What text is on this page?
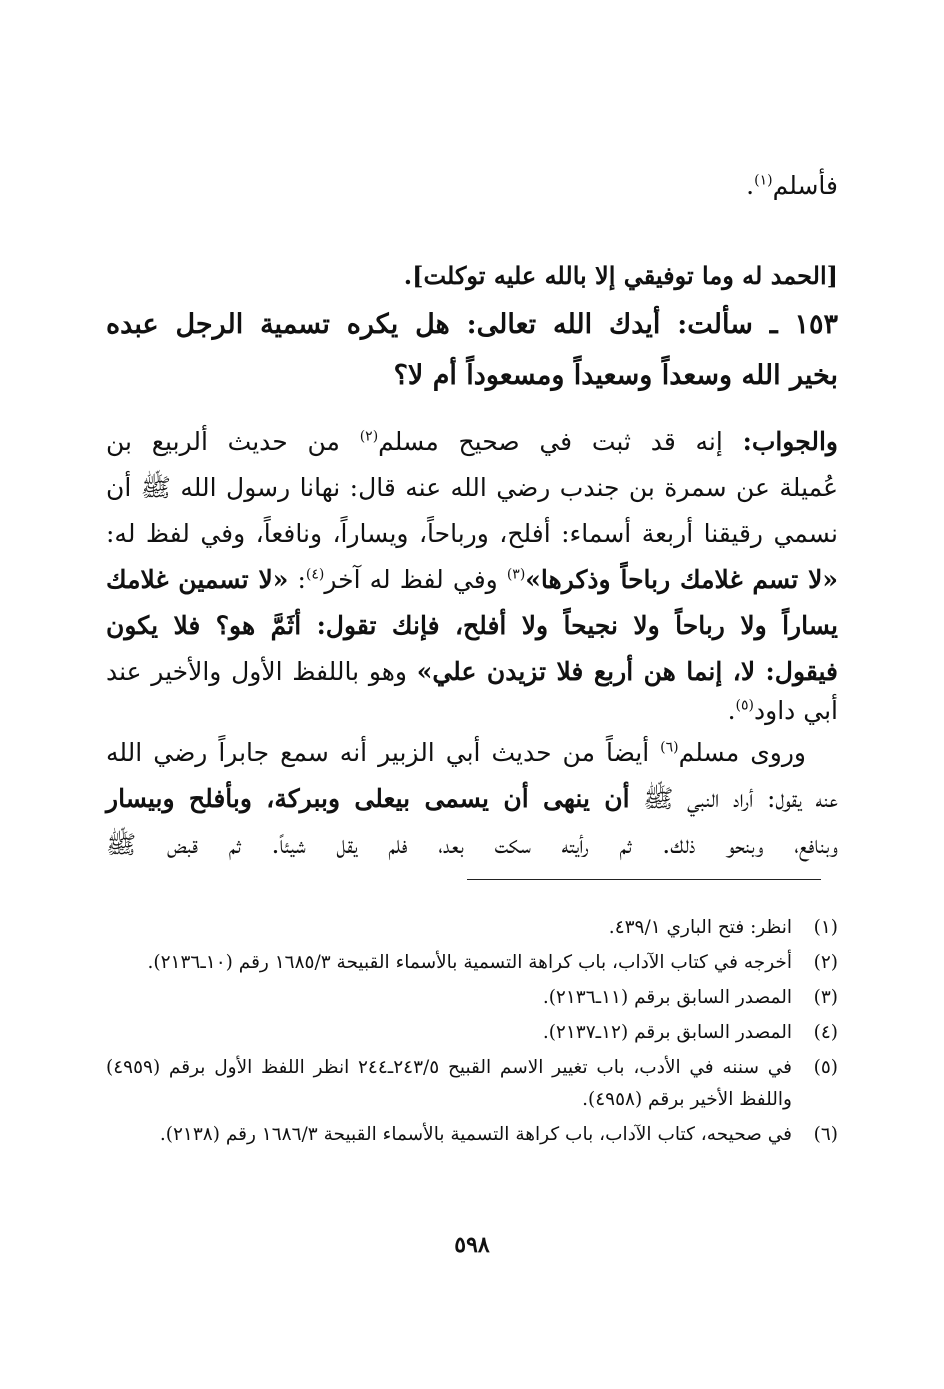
فأسلم$^{(١)}$.
[الحمد له وما توفيقي إلا بالله عليه توكلت].
١٥٣ ـ سألت: أيدك الله تعالى: هل يكره تسمية الرجل عبده
بخير الله وسعداً وسعيداً ومسعوداً أم لا؟
والجواب: إنه قد ثبت في صحيح مسلم$^{(٢)}$ من حديث ألربيع بن
عُميلة عن سمرة بن جندب رضي الله عنه قال: نهانا رسول الله ﷺ أن
نسمي رقيقنا أربعة أسماء: أفلح، ورباحاً، ويساراً، ونافعاً، وفي لفظ له:
«لا تسم غلامك رباحاً وذكرها»$^{(٣)}$ وفي لفظ له آخر$^{(٤)}$: «لا تسمين غلامك
يساراً ولا رباحاً ولا نجيحاً ولا أفلح، فإنك تقول: أثَمَّ هو؟ فلا يكون
فيقول: لا، إنما هن أربع فلا تزيدن علي» وهو باللفظ الأول والأخير عند
أبي داود$^{(٥)}$.
وروى مسلم$^{(٦)}$ أيضاً من حديث أبي الزبير أنه سمع جابراً رضي الله
عنه يقول: أراد النبي ﷺ أن ينهى أن يسمى بيعلى وببركة، وبأفلح وبيسار
وبنافع، وبنحو ذلك. ثم رأيته سكت بعد، فلم يقل شيئاً. ثم قبض ﷺ
(١)
انظر: فتح الباري ٤٣٩/١.
(٢)
أخرجه في كتاب الآداب، باب كراهة التسمية بالأسماء القبيحة ١٦٨٥/٣ رقم (١٠ـ٢١٣٦).
(٣)
المصدر السابق برقم (١١ـ٢١٣٦).
(٤)
المصدر السابق برقم (١٢ـ٢١٣٧).
(٥)
في سننه في الأدب، باب تغيير الاسم القبيح ٢٤٣/٥ـ٢٤٤ انظر اللفظ الأول برقم (٤٩٥٩) واللفظ الأخير برقم (٤٩٥٨).
(٦)
في صحيحه، كتاب الآداب، باب كراهة التسمية بالأسماء القبيحة ١٦٨٦/٣ رقم (٢١٣٨).
٥٩٨
